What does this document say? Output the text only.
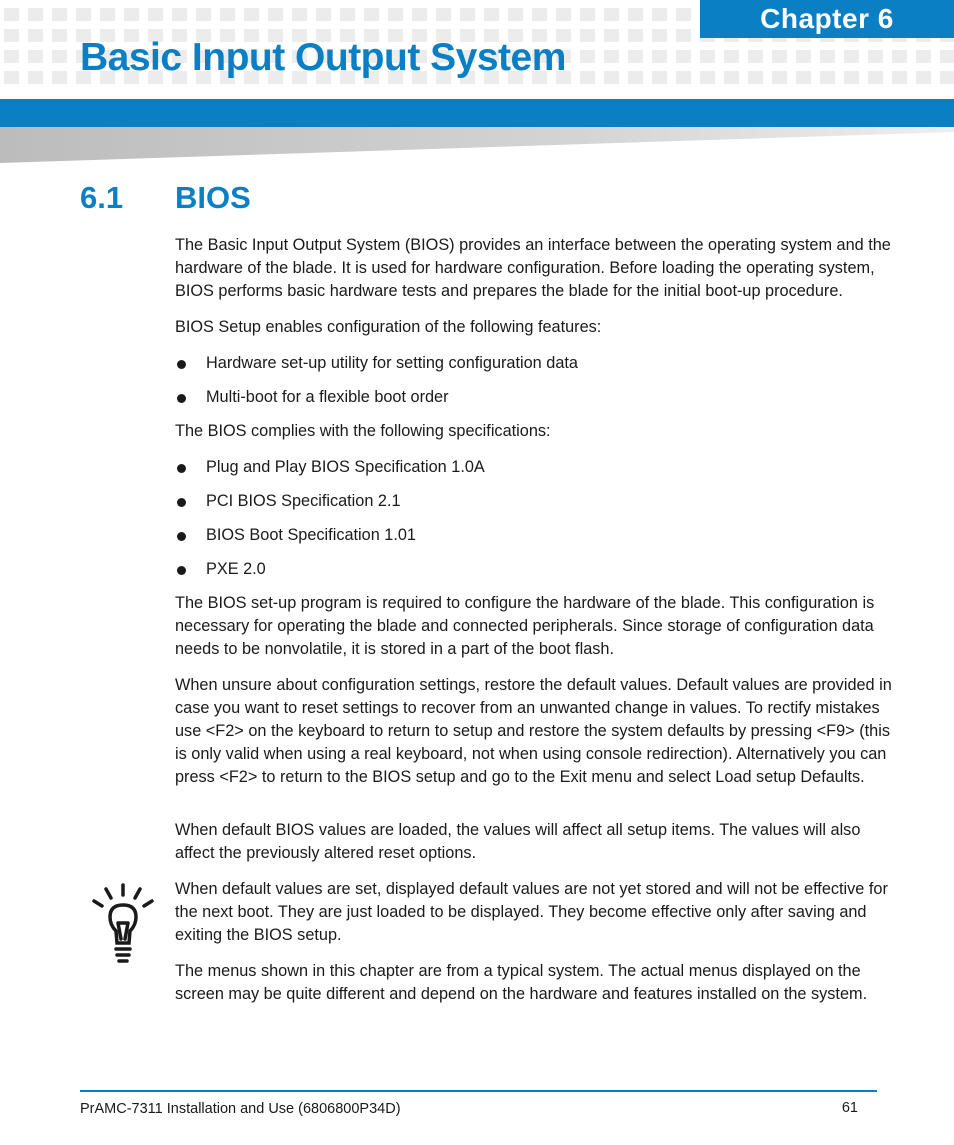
Chapter 6
Basic Input Output System
6.1 BIOS

The Basic Input Output System (BIOS) provides an interface between the operating system and the hardware of the blade. It is used for hardware configuration. Before loading the operating system, BIOS performs basic hardware tests and prepares the blade for the initial boot-up procedure.

BIOS Setup enables configuration of the following features:

Hardware set-up utility for setting configuration data
Multi-boot for a flexible boot order

The BIOS complies with the following specifications:

Plug and Play BIOS Specification 1.0A
PCI BIOS Specification 2.1
BIOS Boot Specification 1.01
PXE 2.0

The BIOS set-up program is required to configure the hardware of the blade. This configuration is necessary for operating the blade and connected peripherals. Since storage of configuration data needs to be nonvolatile, it is stored in a part of the boot flash.

When unsure about configuration settings, restore the default values. Default values are provided in case you want to reset settings to recover from an unwanted change in values. To rectify mistakes use <F2> on the keyboard to return to setup and restore the system defaults by pressing <F9> (this is only valid when using a real keyboard, not when using console redirection). Alternatively you can press <F2> to return to the BIOS setup and go to the Exit menu and select Load setup Defaults.

When default BIOS values are loaded, the values will affect all setup items. The values will also affect the previously altered reset options.

When default values are set, displayed default values are not yet stored and will not be effective for the next boot. They are just loaded to be displayed. They become effective only after saving and exiting the BIOS setup.

The menus shown in this chapter are from a typical system. The actual menus displayed on the screen may be quite different and depend on the hardware and features installed on the system.

PrAMC-7311 Installation and Use (6806800P34D)	61
